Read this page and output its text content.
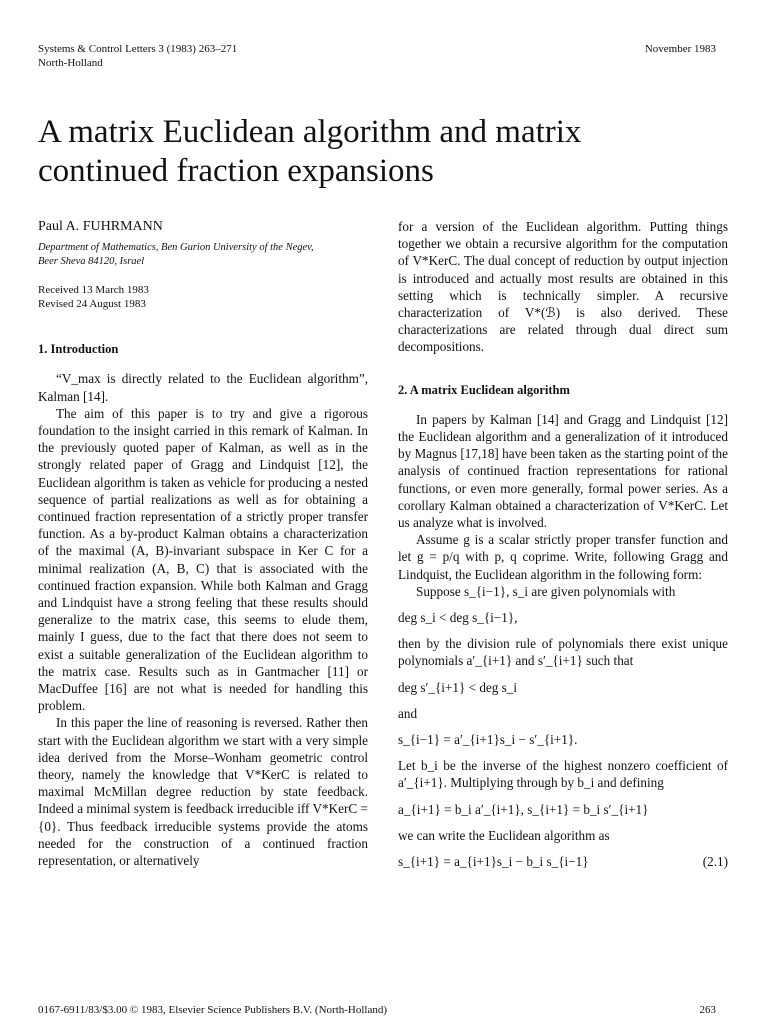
Systems & Control Letters 3 (1983) 263–271
North-Holland
November 1983
A matrix Euclidean algorithm and matrix
continued fraction expansions
Paul A. FUHRMANN
Department of Mathematics, Ben Gurion University of the Negev,
Beer Sheva 84120, Israel
Received 13 March 1983
Revised 24 August 1983
1. Introduction

“V_max is directly related to the Euclidean algorithm”, Kalman [14].

The aim of this paper is to try and give a rigorous foundation to the insight carried in this remark of Kalman. In the previously quoted paper of Kalman, as well as in the strongly related paper of Gragg and Lindquist [12], the Euclidean algorithm is taken as vehicle for producing a nested sequence of partial realizations as well as for obtaining a continued fraction representation of a strictly proper transfer function. As a by-product Kalman obtains a characterization of the maximal (A, B)-invariant subspace in Ker C for a minimal realization (A, B, C) that is associated with the continued fraction expansion. While both Kalman and Gragg and Lindquist have a strong feeling that these results should generalize to the matrix case, this seems to elude them, mainly I guess, due to the fact that there does not seem to exist a suitable generalization of the Euclidean algorithm to the matrix case. Results such as in Gantmacher [11] or MacDuffee [16] are not what is needed for handling this problem.

In this paper the line of reasoning is reversed. Rather then start with the Euclidean algorithm we start with a very simple idea derived from the Morse–Wonham geometric control theory, namely the knowledge that V*KerC is related to maximal McMillan degree reduction by state feedback. Indeed a minimal system is feedback irreducible iff V*KerC = {0}. Thus feedback irreducible systems provide the atoms needed for the construction of a continued fraction representation, or alternatively

for a version of the Euclidean algorithm. Putting things together we obtain a recursive algorithm for the computation of V*KerC. The dual concept of reduction by output injection is introduced and actually most results are obtained in this setting which is technically simpler. A recursive characterization of V*(ℬ) is also derived. These characterizations are related through dual direct sum decompositions.

2. A matrix Euclidean algorithm

In papers by Kalman [14] and Gragg and Lindquist [12] the Euclidean algorithm and a generalization of it introduced by Magnus [17,18] have been taken as the starting point of the analysis of continued fraction representations for rational functions, or even more generally, formal power series. As a corollary Kalman obtained a characterization of V*KerC. Let us analyze what is involved.

Assume g is a scalar strictly proper transfer function and let g = p/q with p, q coprime. Write, following Gragg and Lindquist, the Euclidean algorithm in the following form:

Suppose s_{i−1}, s_i are given polynomials with

deg s_i < deg s_{i−1},

then by the division rule of polynomials there exist unique polynomials a′_{i+1} and s′_{i+1} such that

deg s′_{i+1} < deg s_i

and

s_{i−1} = a′_{i+1}s_i − s′_{i+1}.

Let b_i be the inverse of the highest nonzero coefficient of a′_{i+1}. Multiplying through by b_i and defining

a_{i+1} = b_i a′_{i+1}, s_{i+1} = b_i s′_{i+1}

we can write the Euclidean algorithm as

s_{i+1} = a_{i+1}s_i − b_i s_{i−1}	(2.1)
0167-6911/83/$3.00 © 1983, Elsevier Science Publishers B.V. (North-Holland)	263
